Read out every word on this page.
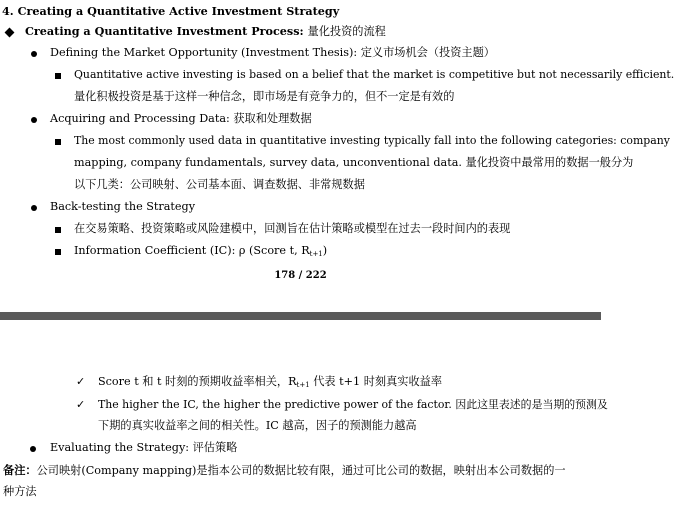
4. Creating a Quantitative Active Investment Strategy
Creating a Quantitative Investment Process: 量化投资的流程
Defining the Market Opportunity (Investment Thesis): 定义市场机会（投资主题）
Quantitative active investing is based on a belief that the market is competitive but not necessarily efficient.
量化积极投资是基于这样一种信念，即市场是有竞争力的，但不一定是有效的
Acquiring and Processing Data: 获取和处理数据
The most commonly used data in quantitative investing typically fall into the following categories: company
mapping, company fundamentals, survey data, unconventional data. 量化投资中最常用的数据一般分为
以下几类：公司映射、公司基本面、调查数据、非常规数据
Back-testing the Strategy
在交易策略、投资策略或风险建模中，回测旨在估计策略或模型在过去一段时间内的表现
Information Coefficient (IC): ρ (Score t, $R_{t+1}$)
178 / 222
✓ Score t 和 t 时刻的预期收益率相关，$R_{t+1}$ 代表 t+1 时刻真实收益率
✓ The higher the IC, the higher the predictive power of the factor. 因此这里表述的是当期的预测及
下期的真实收益率之间的相关性。IC 越高，因子的预测能力越高
Evaluating the Strategy: 评估策略
备注：公司映射(Company mapping)是指本公司的数据比较有限，通过可比公司的数据，映射出本公司数据的一
种方法
